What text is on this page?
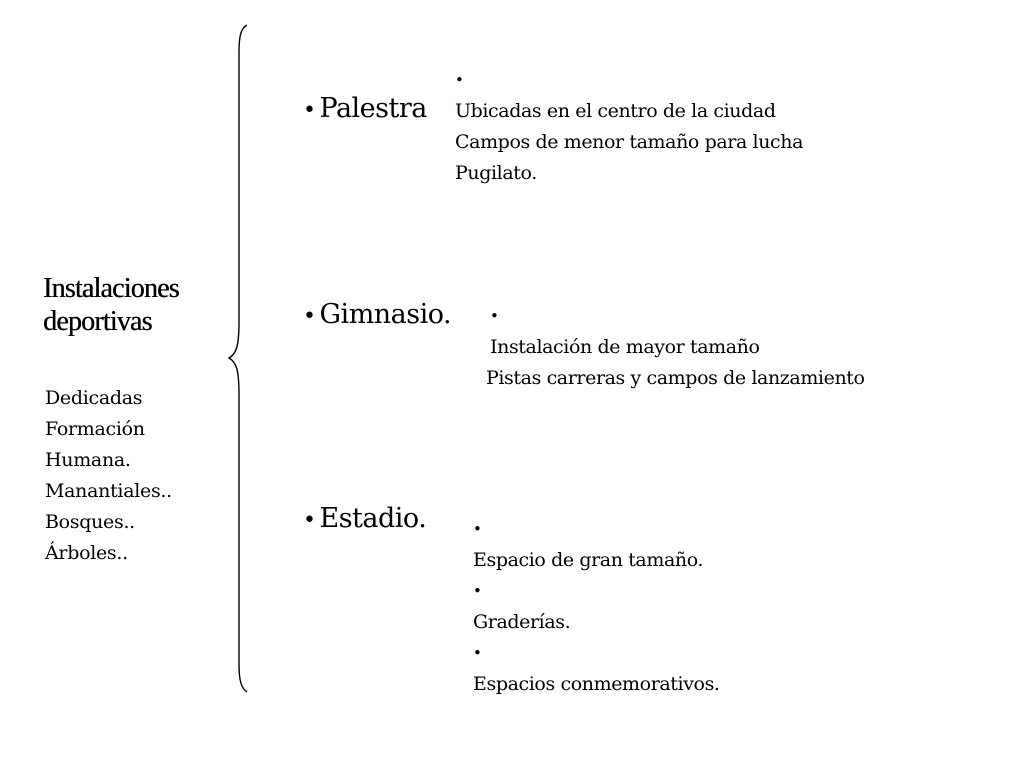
Instalaciones
deportivas
Dedicadas
Formación
Humana.
Manantiales..
Bosques..
Árboles..
• Palestra
•
Ubicadas en el centro de la ciudad
Campos de menor tamaño para lucha
Pugilato.
• Gimnasio.	•
Instalación de mayor tamaño
Pistas carreras y campos de lanzamiento
• Estadio.	•
Espacio de gran tamaño.
•
Graderías.
•
Espacios conmemorativos.
